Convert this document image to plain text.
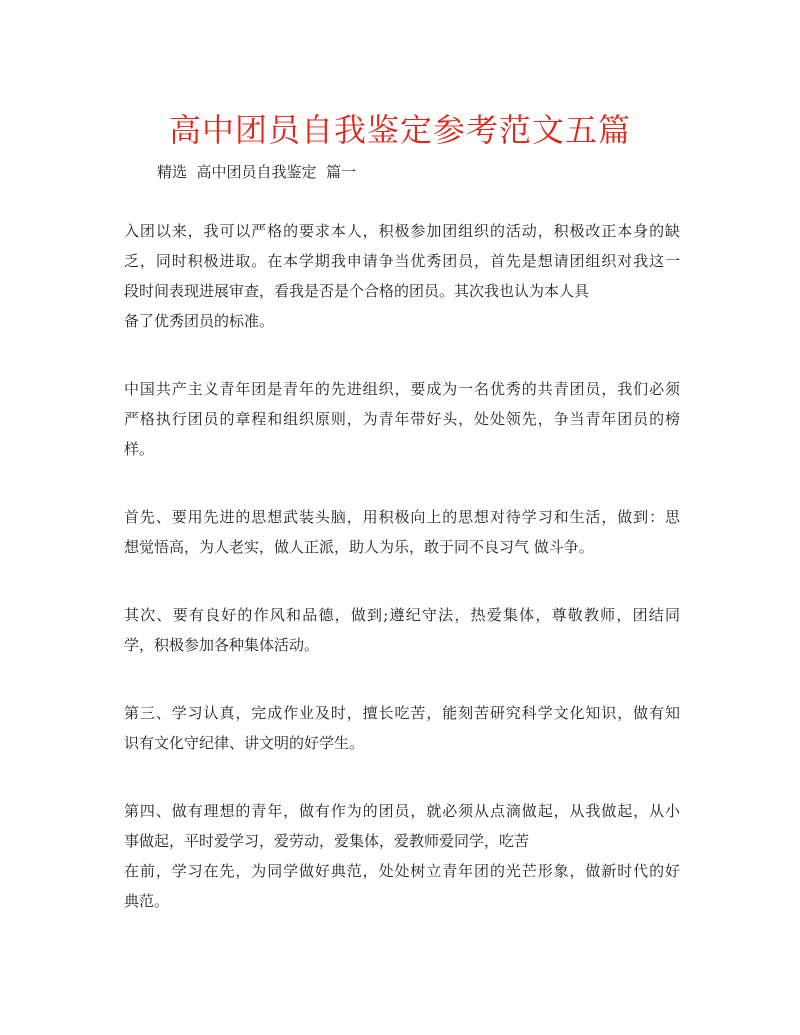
高中团员自我鉴定参考范文五篇
精选  高中团员自我鉴定  篇一
入团以来，我可以严格的要求本人，积极参加团组织的活动，积极改正本身的缺
乏，同时积极进取。在本学期我申请争当优秀团员，首先是想请团组织对我这一
段时间表现进展审查，看我是否是个合格的团员。其次我也认为本人具
备了优秀团员的标准。
中国共产主义青年团是青年的先进组织，要成为一名优秀的共青团员，我们必须
严格执行团员的章程和组织原则，为青年带好头，处处领先，争当青年团员的榜
样。
首先、要用先进的思想武装头脑，用积极向上的思想对待学习和生活，做到：思
想觉悟高，为人老实，做人正派，助人为乐，敢于同不良习气 做斗争。
其次、要有良好的作风和品德，做到;遵纪守法，热爱集体，尊敬教师，团结同
学，积极参加各种集体活动。
第三、学习认真，完成作业及时，擅长吃苦，能刻苦研究科学文化知识，做有知
识有文化守纪律、讲文明的好学生。
第四、做有理想的青年，做有作为的团员，就必须从点滴做起，从我做起，从小
事做起，平时爱学习，爱劳动，爱集体，爱教师爱同学，吃苦
在前，学习在先，为同学做好典范，处处树立青年团的光芒形象，做新时代的好
典范。
